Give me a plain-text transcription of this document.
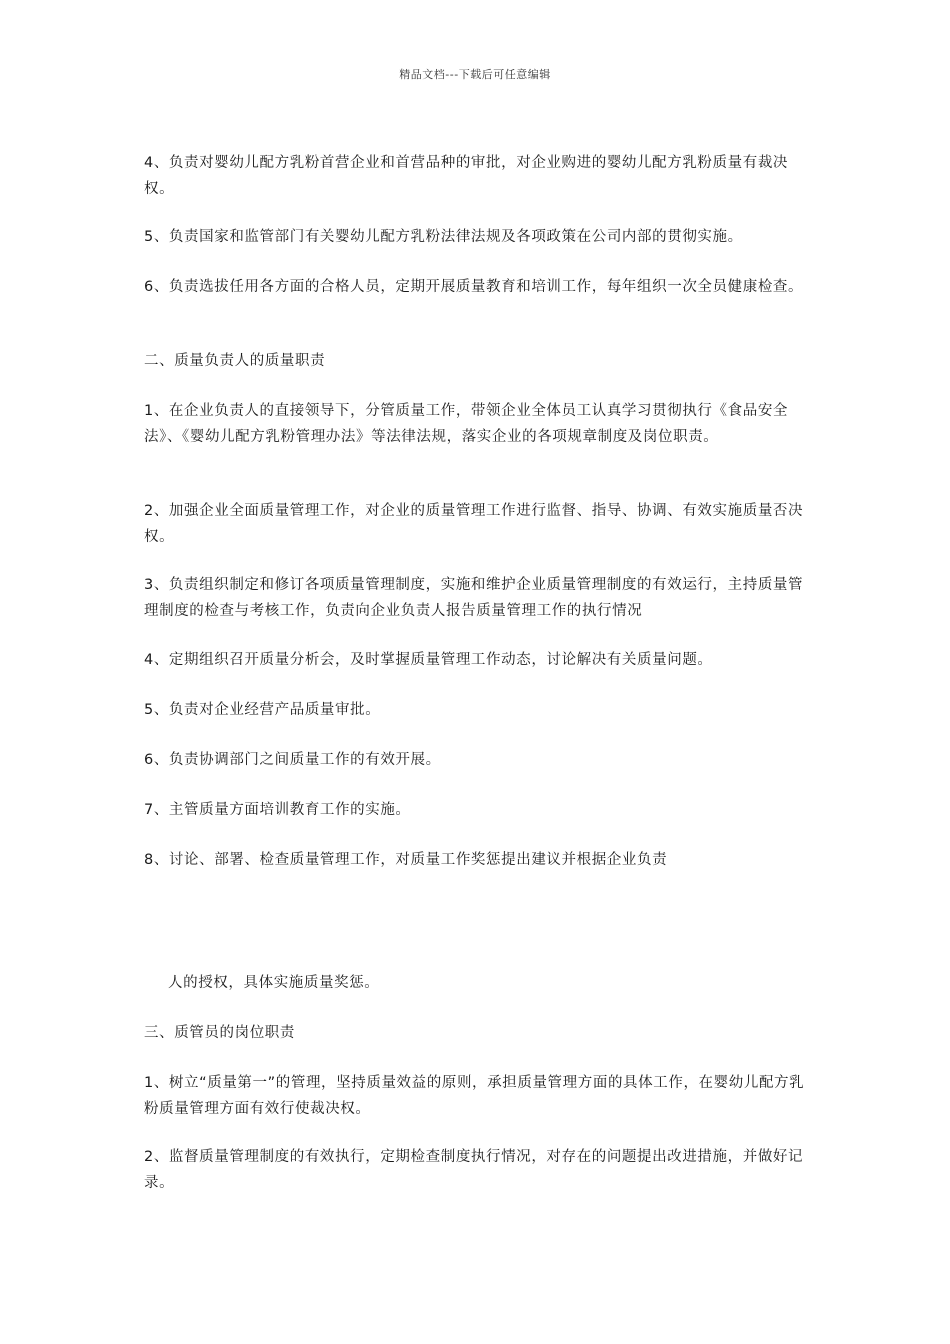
精品文档---下载后可任意编辑

4、负责对婴幼儿配方乳粉首营企业和首营品种的审批，对企业购进的婴幼儿配方乳粉质量有裁决权。

5、负责国家和监管部门有关婴幼儿配方乳粉法律法规及各项政策在公司内部的贯彻实施。

6、负责选拔任用各方面的合格人员，定期开展质量教育和培训工作，每年组织一次全员健康检查。

二、质量负责人的质量职责

1、在企业负责人的直接领导下，分管质量工作，带领企业全体员工认真学习贯彻执行《食品安全法》、《婴幼儿配方乳粉管理办法》等法律法规，落实企业的各项规章制度及岗位职责。

2、加强企业全面质量管理工作，对企业的质量管理工作进行监督、指导、协调、有效实施质量否决权。

3、负责组织制定和修订各项质量管理制度，实施和维护企业质量管理制度的有效运行，主持质量管理制度的检查与考核工作，负责向企业负责人报告质量管理工作的执行情况

4、定期组织召开质量分析会，及时掌握质量管理工作动态，讨论解决有关质量问题。

5、负责对企业经营产品质量审批。

6、负责协调部门之间质量工作的有效开展。

7、主管质量方面培训教育工作的实施。

8、讨论、部署、检查质量管理工作，对质量工作奖惩提出建议并根据企业负责

人的授权，具体实施质量奖惩。

三、质管员的岗位职责

1、树立“质量第一”的管理，坚持质量效益的原则，承担质量管理方面的具体工作，在婴幼儿配方乳粉质量管理方面有效行使裁决权。

2、监督质量管理制度的有效执行，定期检查制度执行情况，对存在的问题提出改进措施，并做好记录。
